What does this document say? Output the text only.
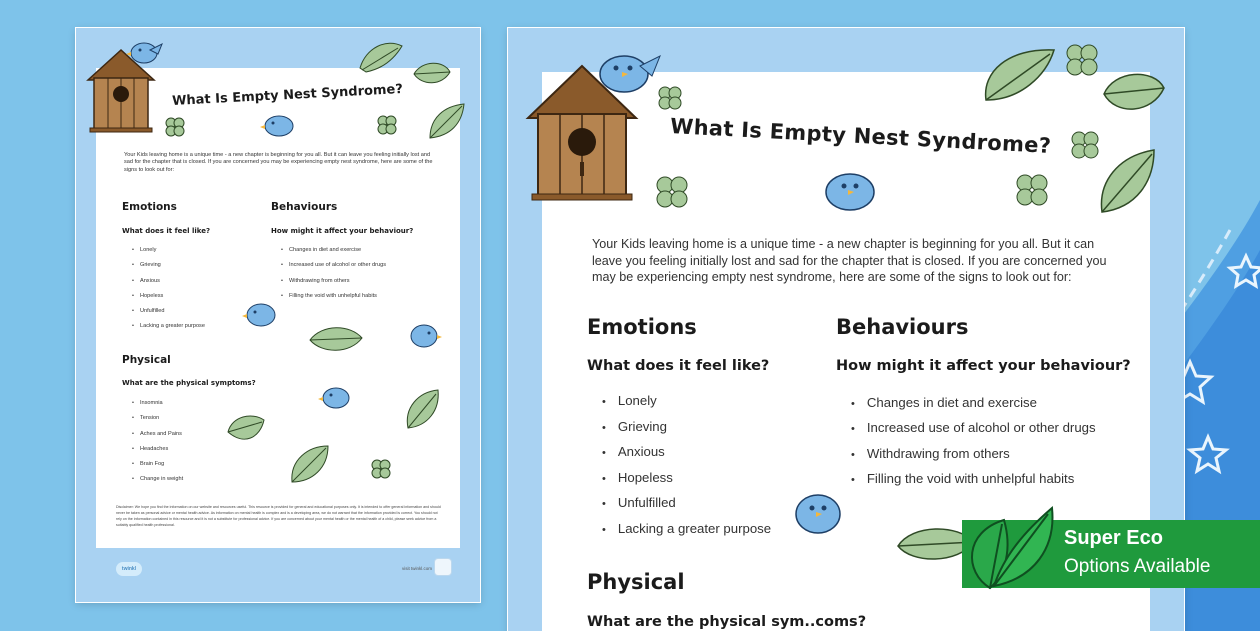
twinkl	visit twinkl.com
What Is Empty Nest Syndrome?
Your Kids leaving home is a unique time - a new chapter is beginning for you all. But it can leave you feeling initially lost and sad for the chapter that is closed. If you are concerned you may be experiencing empty nest syndrome, here are some of the signs to look out for:
Emotions
What does it feel like?
• Lonely
• Grieving
• Anxious
• Hopeless
• Unfulfilled
• Lacking a greater purpose
Behaviours
How might it affect your behaviour?
• Changes in diet and exercise
• Increased use of alcohol or other drugs
• Withdrawing from others
• Filling the void with unhelpful habits
Physical
What are the physical symptoms?
• Insomnia
• Tension
• Aches and Pains
• Headaches
• Brain Fog
• Change in weight
Disclaimer: We hope you find the information on our website and resources useful. This resource is provided for general and educational purposes only. It is intended to offer general information and should never be taken as personal advice or mental health advice. As information on mental health is complex and is a developing area, we do not warrant that the information provided is correct. You should not rely on the information contained in this resource and it is not a substitute for professional advice. If you are concerned about your mental health or the mental health of a child, please seek advice from a suitably qualified health professional.
What Is Empty Nest Syndrome?
Your Kids leaving home is a unique time - a new chapter is beginning for you all. But it can
leave you feeling initially lost and sad for the chapter that is closed. If you are concerned you
may be experiencing empty nest syndrome, here are some of the signs to look out for:
Emotions
What does it feel like?
• Lonely
• Grieving
• Anxious
• Hopeless
• Unfulfilled
• Lacking a greater purpose
Behaviours
How might it affect your behaviour?
• Changes in diet and exercise
• Increased use of alcohol or other drugs
• Withdrawing from others
• Filling the void with unhelpful habits
Physical
What are the physical sym..coms?
Super Eco
Options Available
